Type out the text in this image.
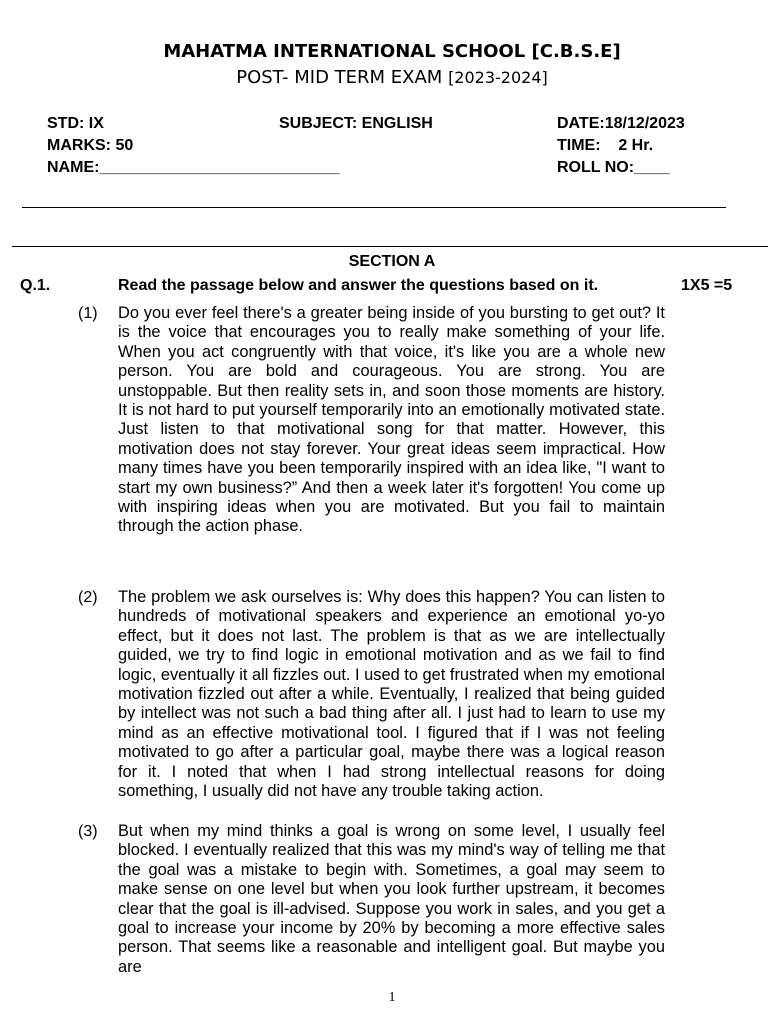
MAHATMA INTERNATIONAL SCHOOL [C.B.S.E]
POST- MID TERM EXAM [2023-2024]
STD: IX	SUBJECT: ENGLISH	DATE:18/12/2023
MARKS: 50	TIME:    2 Hr.
NAME:___________________________	ROLL NO:____
SECTION A
Q.1.	Read the passage below and answer the questions based on it.	1X5 =5
(1) Do you ever feel there's a greater being inside of you bursting to get out? It is the voice that encourages you to really make something of your life. When you act congruently with that voice, it's like you are a whole new person. You are bold and courageous. You are strong. You are unstoppable. But then reality sets in, and soon those moments are history. It is not hard to put yourself temporarily into an emotionally motivated state. Just listen to that motivational song for that matter. However, this motivation does not stay forever. Your great ideas seem impractical. How many times have you been temporarily inspired with an idea like, "I want to start my own business?” And then a week later it's forgotten! You come up with inspiring ideas when you are motivated. But you fail to maintain through the action phase.
(2) The problem we ask ourselves is: Why does this happen? You can listen to hundreds of motivational speakers and experience an emotional yo-yo effect, but it does not last. The problem is that as we are intellectually guided, we try to find logic in emotional motivation and as we fail to find logic, eventually it all fizzles out. I used to get frustrated when my emotional motivation fizzled out after a while. Eventually, I realized that being guided by intellect was not such a bad thing after all. I just had to learn to use my mind as an effective motivational tool. I figured that if I was not feeling motivated to go after a particular goal, maybe there was a logical reason for it. I noted that when I had strong intellectual reasons for doing something, I usually did not have any trouble taking action.
(3) But when my mind thinks a goal is wrong on some level, I usually feel blocked. I eventually realized that this was my mind's way of telling me that the goal was a mistake to begin with. Sometimes, a goal may seem to make sense on one level but when you look further upstream, it becomes clear that the goal is ill-advised. Suppose you work in sales, and you get a goal to increase your income by 20% by becoming a more effective sales person. That seems like a reasonable and intelligent goal. But maybe you are
1
